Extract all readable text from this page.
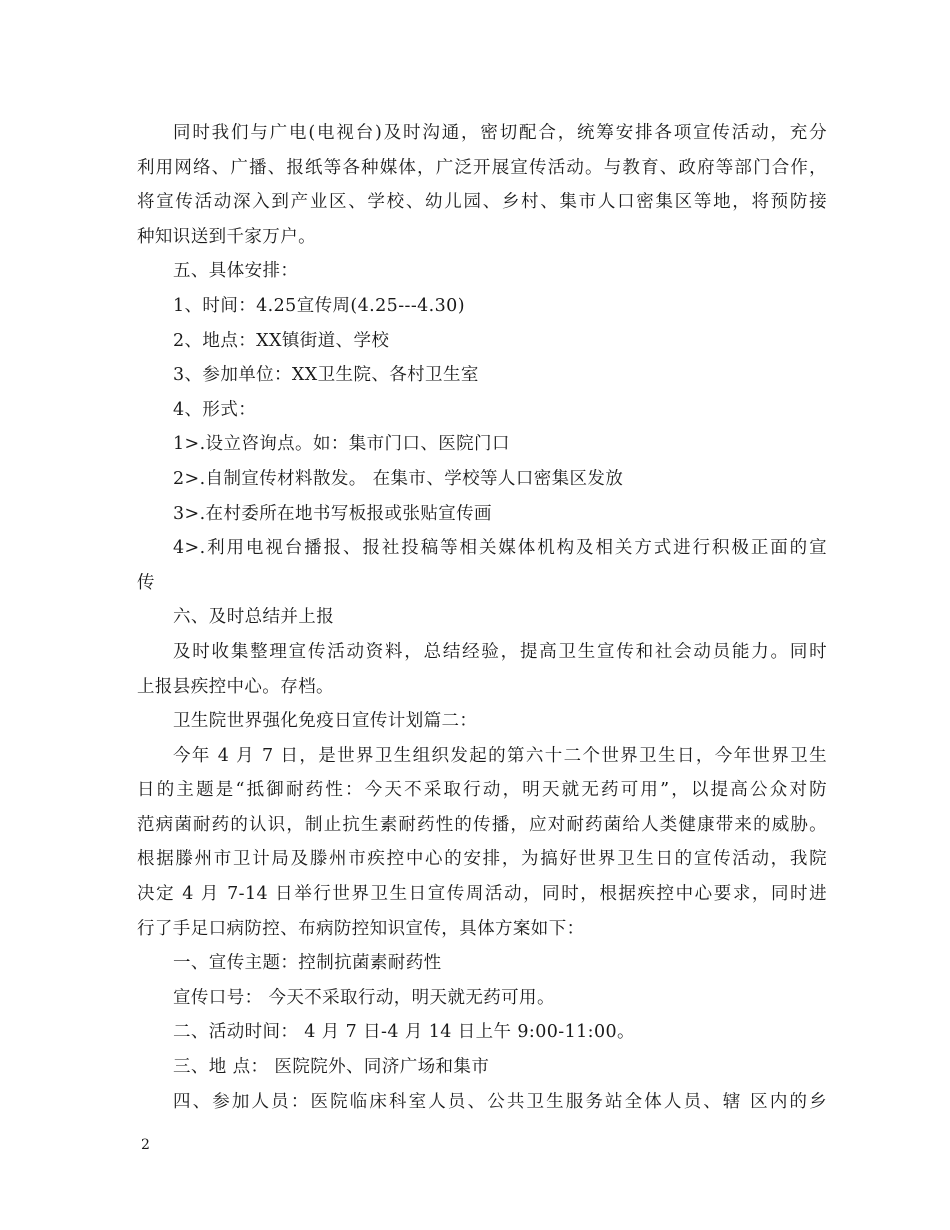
同时我们与广电(电视台)及时沟通，密切配合，统筹安排各项宣传活动，充分
利用网络、广播、报纸等各种媒体，广泛开展宣传活动。与教育、政府等部门合作，
将宣传活动深入到产业区、学校、幼儿园、乡村、集市人口密集区等地，将预防接
种知识送到千家万户。
五、具体安排：
1、时间：4.25宣传周(4.25---4.30)
2、地点：XX镇街道、学校
3、参加单位：XX卫生院、各村卫生室
4、形式：
1>.设立咨询点。如：集市门口、医院门口
2>.自制宣传材料散发。 在集市、学校等人口密集区发放
3>.在村委所在地书写板报或张贴宣传画
4>.利用电视台播报、报社投稿等相关媒体机构及相关方式进行积极正面的宣
传
六、及时总结并上报
及时收集整理宣传活动资料，总结经验，提高卫生宣传和社会动员能力。同时
上报县疾控中心。存档。
卫生院世界强化免疫日宣传计划篇二：
今年 4 月 7 日，是世界卫生组织发起的第六十二个世界卫生日，今年世界卫生
日的主题是“抵御耐药性：今天不采取行动，明天就无药可用”，以提高公众对防
范病菌耐药的认识，制止抗生素耐药性的传播，应对耐药菌给人类健康带来的威胁。
根据滕州市卫计局及滕州市疾控中心的安排，为搞好世界卫生日的宣传活动，我院
决定 4 月 7-14 日举行世界卫生日宣传周活动，同时，根据疾控中心要求，同时进
行了手足口病防控、布病防控知识宣传，具体方案如下：
一、宣传主题：控制抗菌素耐药性
宣传口号： 今天不采取行动，明天就无药可用。
二、活动时间： 4 月 7 日-4 月 14 日上午 9:00-11:00。
三、地 点： 医院院外、同济广场和集市
四、参加人员：医院临床科室人员、公共卫生服务站全体人员、辖 区内的乡
2
